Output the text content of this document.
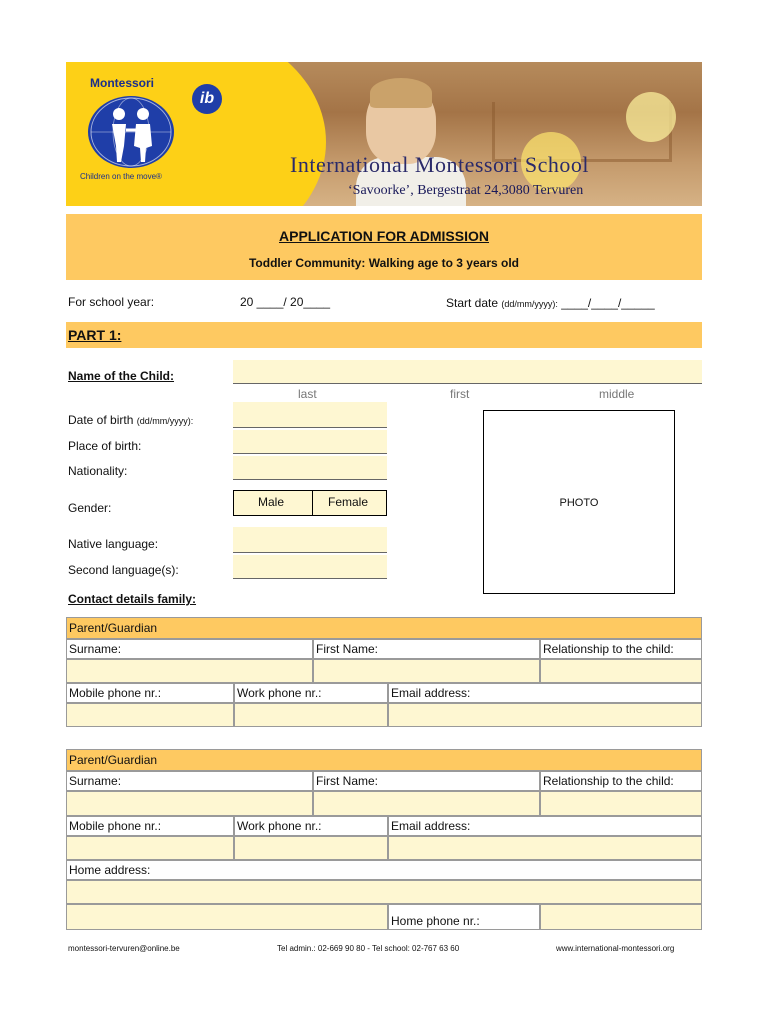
Montessori
ib
Children on the move®	International Montessori School
‘Savoorke’, Bergestraat 24,3080 Tervuren
APPLICATION FOR ADMISSION
Toddler Community: Walking age to 3 years old
For school year:	20 ____/ 20____	Start date (dd/mm/yyyy): ____/____/_____
PART 1:
Name of the Child:
last	first	middle
Date of birth (dd/mm/yyyy):
Place of birth:
Nationality:
Gender:	Male	Female
Native language:
Second language(s):
PHOTO
Contact details family:
Parent/Guardian
Surname:	First Name:	Relationship to the child:
Mobile phone nr.:	Work phone nr.:	Email address:
Parent/Guardian
Surname:	First Name:	Relationship to the child:
Mobile phone nr.:	Work phone nr.:	Email address:
Home address:
Home phone nr.:
montessori-tervuren@online.be	Tel admin.: 02-669 90 80 - Tel school: 02-767 63 60	www.international-montessori.org
